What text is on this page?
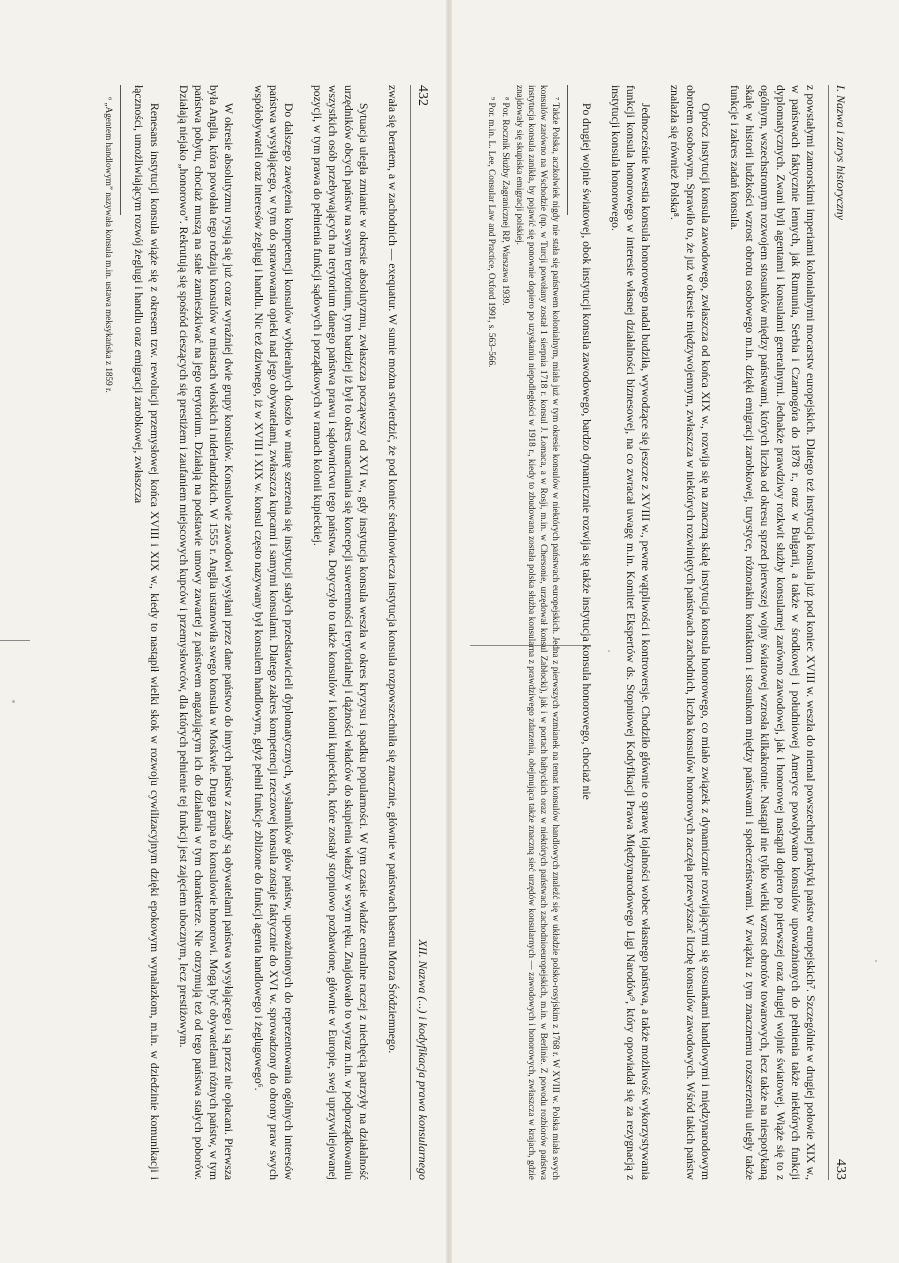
432
XII. Nazwa (...) i kodyfikacja prawa konsularnego

zwała się beratem, a w zachodnich — exequatur. W sumie można stwierdzić, że pod koniec średniowiecza instytucja konsula rozpowszechniła się znacznie, głównie w państwach basenu Morza Śródziemnego.

Sytuacja uległa zmianie w okresie absolutyzmu, zwłaszcza począwszy od XVI w., gdy instytucja konsula weszła w okres kryzysu i spadku popularności. W tym czasie władze centralne raczej z niechęcią patrzyły na działalność urzędników obcych państw na swym terytorium, tym bardziej iż był to okres umacniania się koncepcji suwerenności terytorialnej i dążności władców do skupienia władzy w swym ręku. Znajdowało to wyraz m.in. w podporządkowaniu wszystkich osób przebywających na terytorium danego państwa prawu i sądownictwu tego państwa. Dotyczyło to także konsulów i kolonii kupieckich, które zostały stopniowo pozbawione, głównie w Europie, swej uprzywilejowanej pozycji, w tym prawa do pełnienia funkcji sądowych i porządkowych w ramach kolonii kupieckiej.

Do dalszego zawężenia kompetencji konsulów wybieralnych doszło w miarę szerzenia się instytucji stałych przedstawicieli dyplomatycznych, wysłanników głów państw, upoważnionych do reprezentowania ogólnych interesów państwa wysyłającego, w tym do sprawowania opieki nad jego obywatelami, zwłaszcza kupcami i samymi konsulami. Dlatego zakres kompetencji rzeczowej konsula zostaje faktycznie do XVI w. sprowadzony do obrony praw swych współobywateli oraz interesów żeglugi i handlu. Nic też dziwnego, iż w XVIII i XIX w. konsul często nazywany był konsulem handlowym, gdyż pełnił funkcje zbliżone do funkcji agenta handlowego i żeglugowego⁶.

W okresie absolutyzmu rysują się już coraz wyraźniej dwie grupy konsulów. Konsulowie zawodowi wysyłani przez dane państwo do innych państw z zasady są obywatelami państwa wysyłającego i są przez nie opłacani. Pierwsza była Anglia, która powołała tego rodzaju konsulów w miastach włoskich i niderlandzkich. W 1555 r. Anglia ustanowiła swego konsula w Moskwie. Druga grupa to konsulowie honorowi. Mogą być obywatelami różnych państw, w tym państwa pobytu, chociaż muszą na stałe zamieszkiwać na jego terytorium. Działają na podstawie umowy zawartej z państwem angażującym ich do działania w tym charakterze. Nie otrzymują też od tego państwa stałych poborów. Działają niejako „honorowo”. Rekrutują się spośród cieszących się prestiżem i zaufaniem miejscowych kupców i przemysłowców, dla których pełnienie tej funkcji jest zajęciem ubocznym, lecz prestiżowym.

Renesans instytucji konsula wiąże się z okresem tzw. rewolucji przemysłowej końca XVIII i XIX w., kiedy to nastąpił wielki skok w rozwoju cywilizacyjnym dzięki epokowym wynalazkom, m.in. w dziedzinie komunikacji i łączności, umożliwiającym rozwój żeglugi i handlu oraz emigracji zarobkowej, zwłaszcza

⁶ „Agentem handlowym” nazywała konsula m.in. ustawa meksykańska z 1859 r.
433
I. Nazwa i zarys historyczny

z powstałymi zamorskimi imperiami kolonialnymi mocarstw europejskich. Dlatego też instytucja konsula już pod koniec XVIII w. weszła do niemal powszechnej praktyki państw europejskich⁷. Szczególnie w drugiej połowie XIX w., w państwach faktycznie lennych, jak Rumunia, Serbia i Czarnogóra do 1878 r., oraz w Bułgarii, a także w środkowej i południowej Ameryce powoływano konsulów upoważnionych do pełnienia także niektórych funkcji dyplomatycznych. Zwani byli agentami i konsulami generalnymi. Jednakże prawdziwy rozkwit służby konsularnej zarówno zawodowej, jak i honorowej nastąpił dopiero po pierwszej oraz drugiej wojnie światowej. Wiąże się to z ogólnym, wszechstronnym rozwojem stosunków między państwami, których liczba od okresu sprzed pierwszej wojny światowej wzrosła kilkakrotnie. Nastąpił nie tylko wielki wzrost obrotów towarowych, lecz także na niespotykaną skalę w historii ludzkości wzrost obrotu osobowego m.in. dzięki emigracji zarobkowej, turystyce, różnorakim kontaktom i stosunkom między państwami i społeczeństwami. W związku z tym znacznemu rozszerzeniu uległy także funkcje i zakres zadań konsula.

Oprócz instytucji konsula zawodowego, zwłaszcza od końca XIX w., rozwija się na znaczną skalę instytucja konsula honorowego, co miało związek z dynamicznie rozwijającymi się stosunkami handlowymi i międzynarodowym obrotem osobowym. Sprawiło to, że już w okresie międzywojennym, zwłaszcza w niektórych rozwiniętych państwach zachodnich, liczba konsulów honorowych zaczęła przewyższać liczbę konsulów zawodowych. Wśród takich państw znalazła się również Polska⁸.

Jednocześnie kwestia konsula honorowego nadal budziła, wywodzące się jeszcze z XVIII w., pewne wątpliwości i kontrowersje. Chodziło głównie o sprawę lojalności wobec własnego państwa, a także możliwość wykorzystywania funkcji konsula honorowego w interesie własnej działalności biznesowej, na co zwracał uwagę m.in. Komitet Ekspertów ds. Stopniowej Kodyfikacji Prawa Międzynarodowego Ligi Narodów⁹, który opowiadał się za rezygnacją z instytucji konsula honorowego.

Po drugiej wojnie światowej, obok instytucji konsula zawodowego, bardzo dynamicznie rozwija się także instytucja konsula honorowego, chociaż nie

⁷ Także Polska, aczkolwiek nigdy nie stała się państwem kolonialnym, miała już w tym okresie konsulów w niektórych państwach europejskich. Jedna z pierwszych wzmianek na temat konsulów handlowych znaleźć się w układzie polsko-rosyjskim z 1768 r. W XVIII w. Polska miała swych konsulów zarówno na Wschodzie (np. w Turcji powołany został 1 sierpnia 1718 r. konsul J. Łomaca, a w Rosji, m.in. w Chersonie, urzędował konsul Zabłocki), jak i w portach bałtyckich oraz w niektórych państwach zachodnioeuropejskich, m.in. w Berlinie. Z powodu rozbiorów państwa instytucja konsula zanikła, by pojawić się ponownie dopiero po uzyskaniu niepodległości w 1918 r., kiedy to zbudowana została polska służba konsularna z prawdziwego zdarzenia, obejmująca także znaczną sieć urzędów konsularnych — zawodowych i honorowych, zwłaszcza w krajach, gdzie znajdowały się skupiska emigracji polskiej.
⁸ Por. Rocznik Służby Zagranicznej RP, Warszawa 1939.
⁹ Por. m.in. L. Lee, Consular Law and Practice, Oxford 1991, s. 563–566.
